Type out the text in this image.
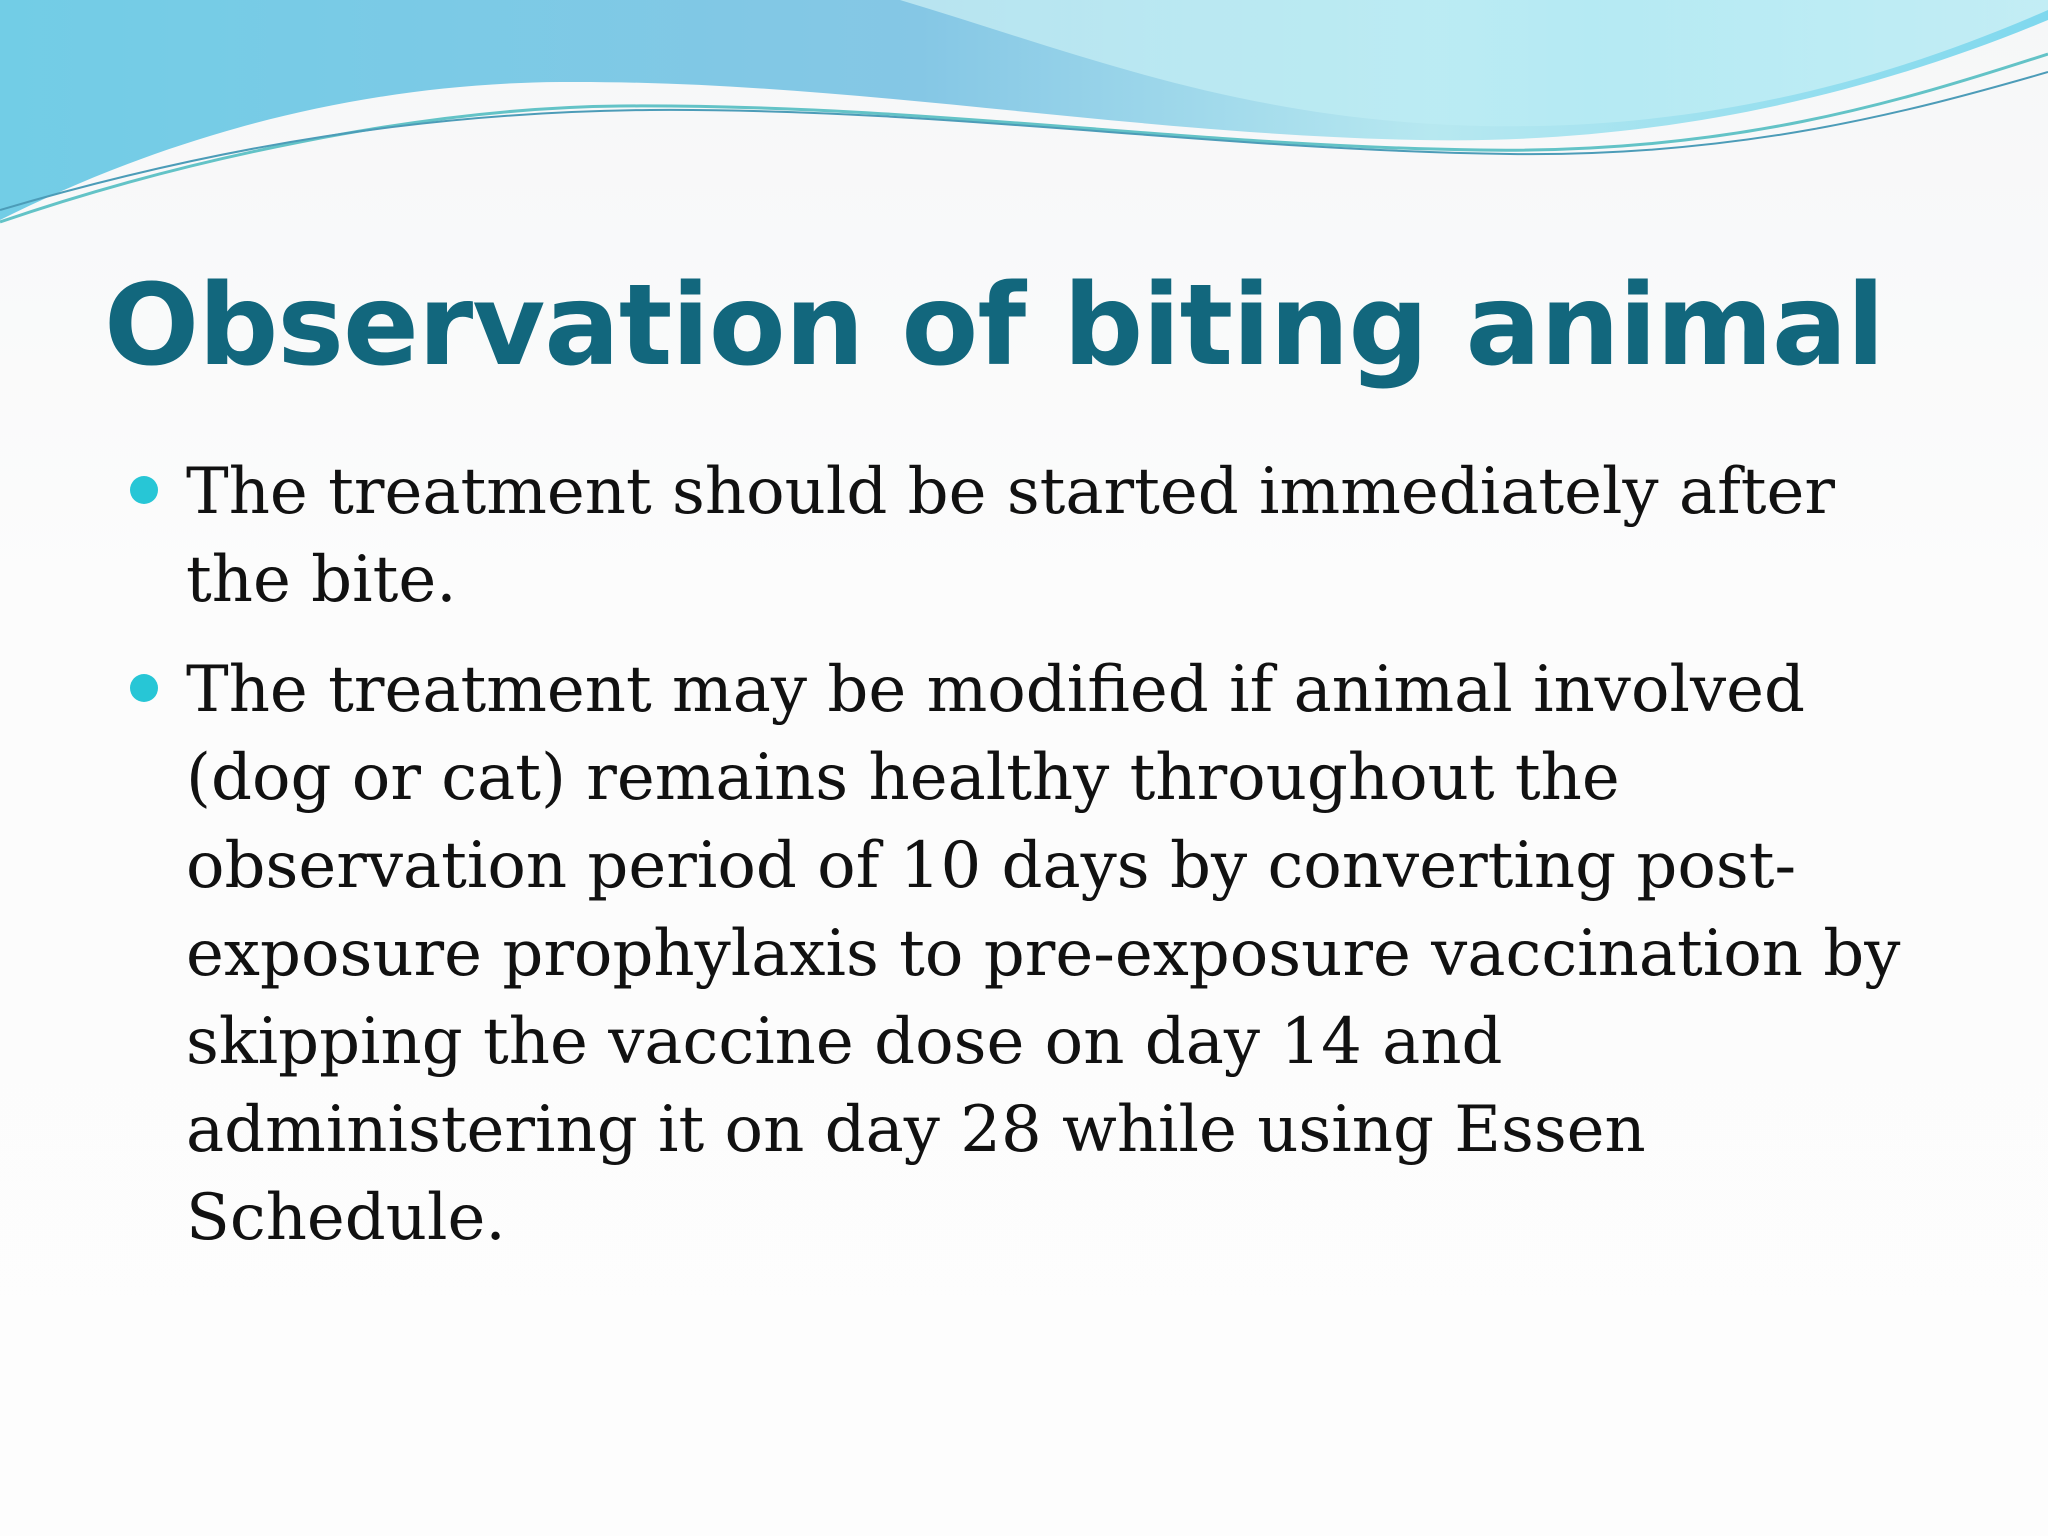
Observation of biting animal
The treatment should be started immediately after the bite.
The treatment may be modified if animal involved (dog or cat) remains healthy throughout the observation period of 10 days by converting post-exposure prophylaxis to pre-exposure vaccination by skipping the vaccine dose on day 14 and administering it on day 28 while using Essen Schedule.
